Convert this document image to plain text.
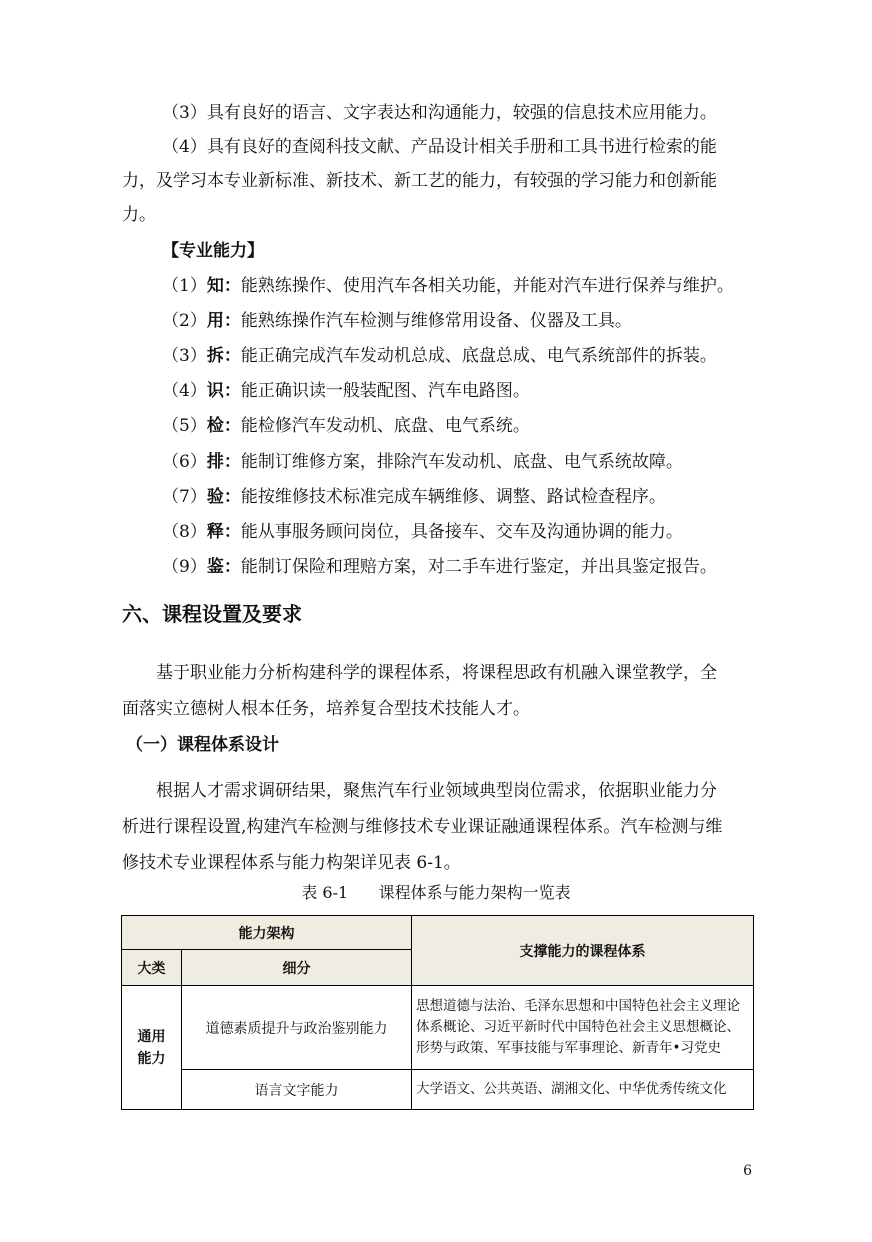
（3）具有良好的语言、文字表达和沟通能力，较强的信息技术应用能力。
（4）具有良好的查阅科技文献、产品设计相关手册和工具书进行检索的能
力，及学习本专业新标准、新技术、新工艺的能力，有较强的学习能力和创新能
力。
【专业能力】
（1）知：能熟练操作、使用汽车各相关功能，并能对汽车进行保养与维护。
（2）用：能熟练操作汽车检测与维修常用设备、仪器及工具。
（3）拆：能正确完成汽车发动机总成、底盘总成、电气系统部件的拆装。
（4）识：能正确识读一般装配图、汽车电路图。
（5）检：能检修汽车发动机、底盘、电气系统。
（6）排：能制订维修方案，排除汽车发动机、底盘、电气系统故障。
（7）验：能按维修技术标准完成车辆维修、调整、路试检查程序。
（8）释：能从事服务顾问岗位，具备接车、交车及沟通协调的能力。
（9）鉴：能制订保险和理赔方案，对二手车进行鉴定，并出具鉴定报告。
六、课程设置及要求
基于职业能力分析构建科学的课程体系，将课程思政有机融入课堂教学，全
面落实立德树人根本任务，培养复合型技术技能人才。
（一）课程体系设计
根据人才需求调研结果，聚焦汽车行业领域典型岗位需求，依据职业能力分
析进行课程设置,构建汽车检测与维修技术专业课证融通课程体系。汽车检测与维
修技术专业课程体系与能力构架详见表 6-1。
表 6-1      课程体系与能力架构一览表
能力架构		支撑能力的课程体系
大类	细分	

通用能力	道德素质提升与政治鉴别能力	思想道德与法治、毛泽东思想和中国特色社会主义理论体系概论、习近平新时代中国特色社会主义思想概论、形势与政策、军事技能与军事理论、新青年•习党史
	语言文字能力	大学语文、公共英语、湖湘文化、中华优秀传统文化
6
